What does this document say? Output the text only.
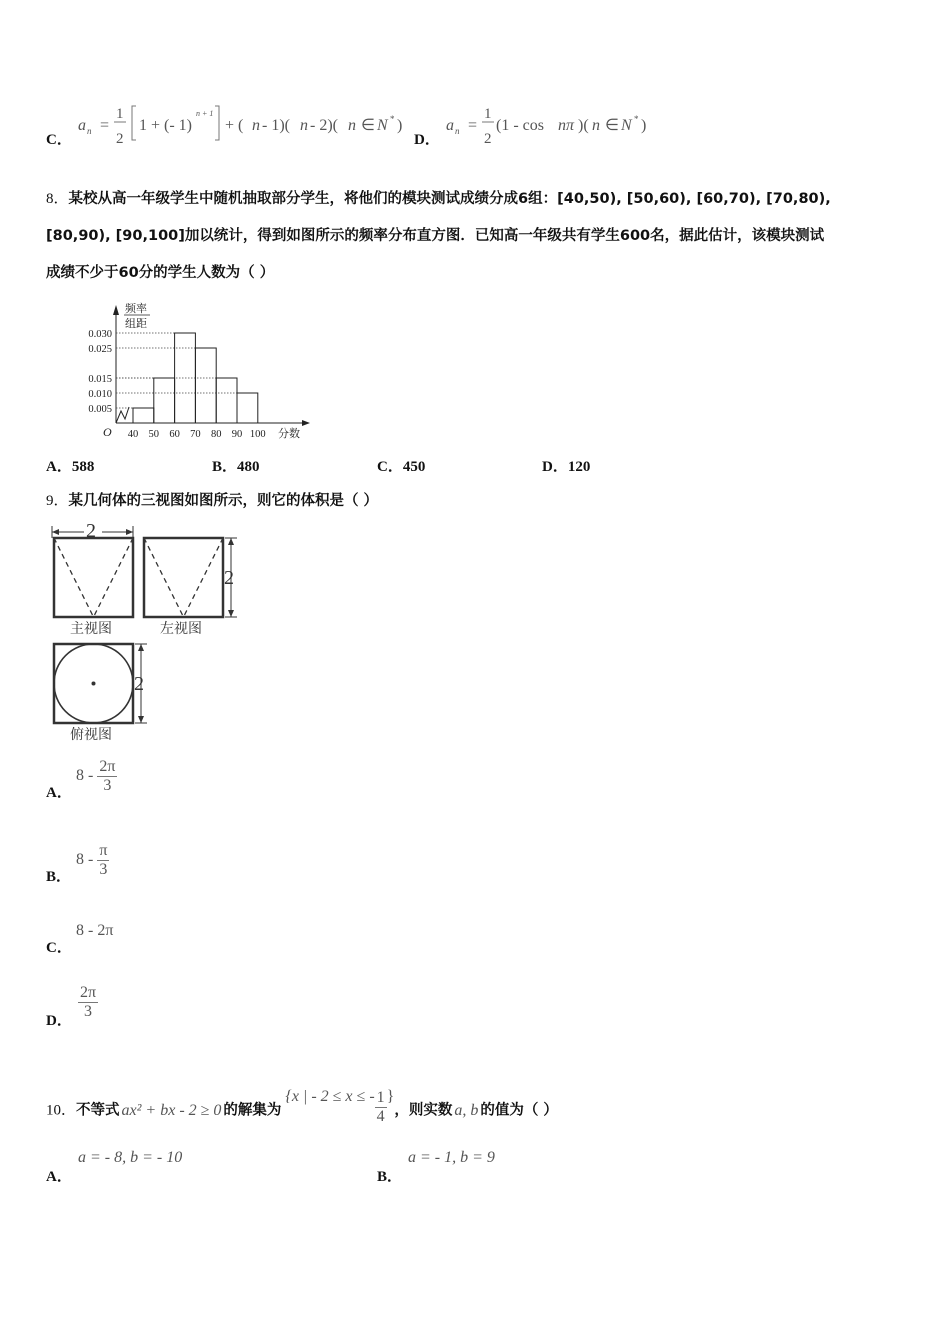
C．
a n =
1
2
1 + (- 1)
n + 1
+ ( n - 1)( n - 2)( n ∈ N * )
D．
a n =
1
2
(1 - cos nπ )( n ∈ N * )
8．某校从高一年级学生中随机抽取部分学生，将他们的模块测试成绩分成6组：[40,50), [50,60), [60,70), [70,80),
[80,90), [90,100]加以统计，得到如图所示的频率分布直方图．已知高一年级共有学生600名，据此估计，该模块测试
成绩不少于60分的学生人数为（ ）
频率
组距
O	分数
0.030
0.025
0.015
0.010
0.005
40 50 60 70 80 90 100
A．588	B．480	C．450	D．120
9．某几何体的三视图如图所示，则它的体积是（ ）
2
主视图
2
左视图
2
俯视图
A．
$8 - \frac{2\pi}{3}$
B．
$8 - \frac{\pi}{3}$
C．
8 - 2π
D． $\frac{2\pi}{3}$
10．不等式 ax² + bx - 2 ≥ 0 的解集为{x | - 2 ≤ x ≤ - $\frac{1}{4}$ }，则实数 a, b 的值为（ ）
A．
a = - 8, b = - 10
B．
a = - 1, b = 9
